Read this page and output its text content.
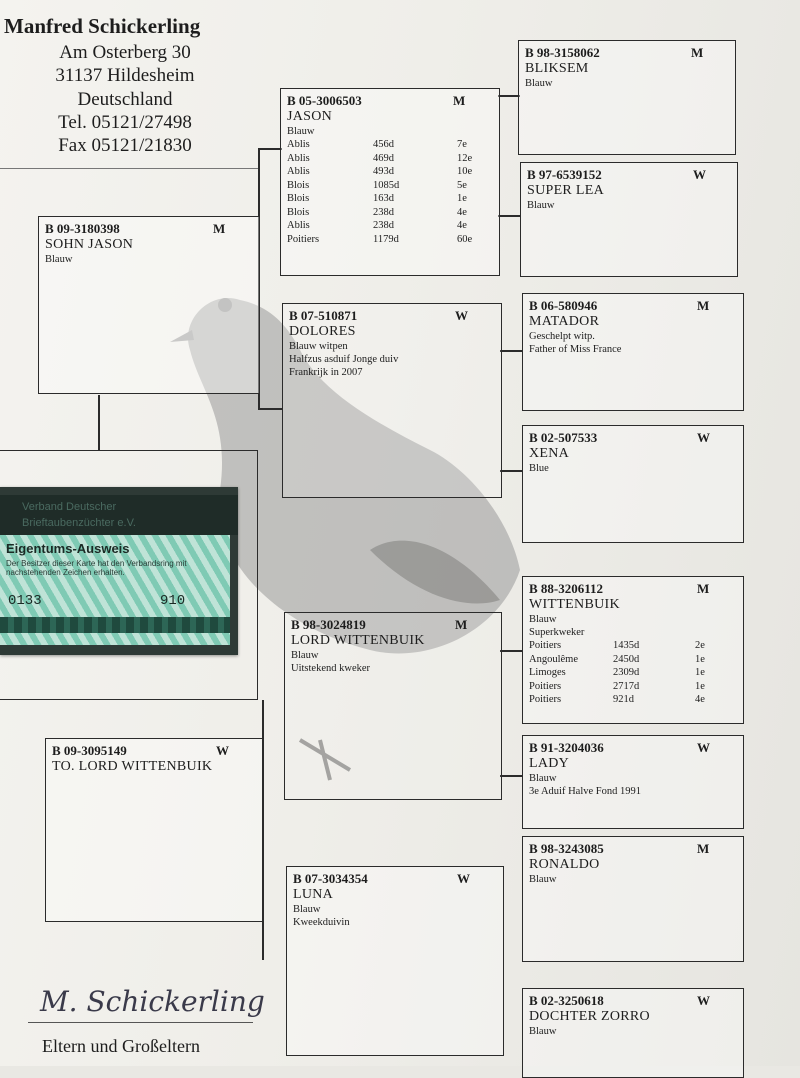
Manfred Schickerling
Am Osterberg 30
31137 Hildesheim
Deutschland
Tel. 05121/27498
Fax 05121/21830
B 09-3180398	M
SOHN JASON
Blauw
B 09-3095149	W
TO. LORD WITTENBUIK
B 05-3006503	M
JASON
Blauw
Ablis	456d	7e
Ablis	469d	12e
Ablis	493d	10e
Blois	1085d	5e
Blois	163d	1e
Blois	238d	4e
Ablis	238d	4e
Poitiers	1179d	60e
B 07-510871	W
DOLORES
Blauw witpen
Halfzus asduif Jonge duiv
Frankrijk in 2007
B 98-3024819	M
LORD WITTENBUIK
Blauw
Uitstekend kweker
B 07-3034354	W
LUNA
Blauw
Kweekduivin
B 98-3158062	M
BLIKSEM
Blauw
B 97-6539152	W
SUPER LEA
Blauw
B 06-580946	M
MATADOR
Geschelpt witp.
Father of Miss France
B 02-507533	W
XENA
Blue
B 88-3206112	M
WITTENBUIK
Blauw
Superkweker
Poitiers	1435d	2e
Angoulême	2450d	1e
Limoges	2309d	1e
Poitiers	2717d	1e
Poitiers	921d	4e
B 91-3204036	W
LADY
Blauw
3e Aduif Halve Fond 1991
B 98-3243085	M
RONALDO
Blauw
B 02-3250618	W
DOCHTER ZORRO
Blauw
Verband Deutscher
Brieftaubenzüchter e.V.
Eigentums-Ausweis
Der Besitzer dieser Karte hat den Verbandsring mit nachstehenden Zeichen erhalten.
0133	910
M. Schickerling
Eltern und Großeltern
